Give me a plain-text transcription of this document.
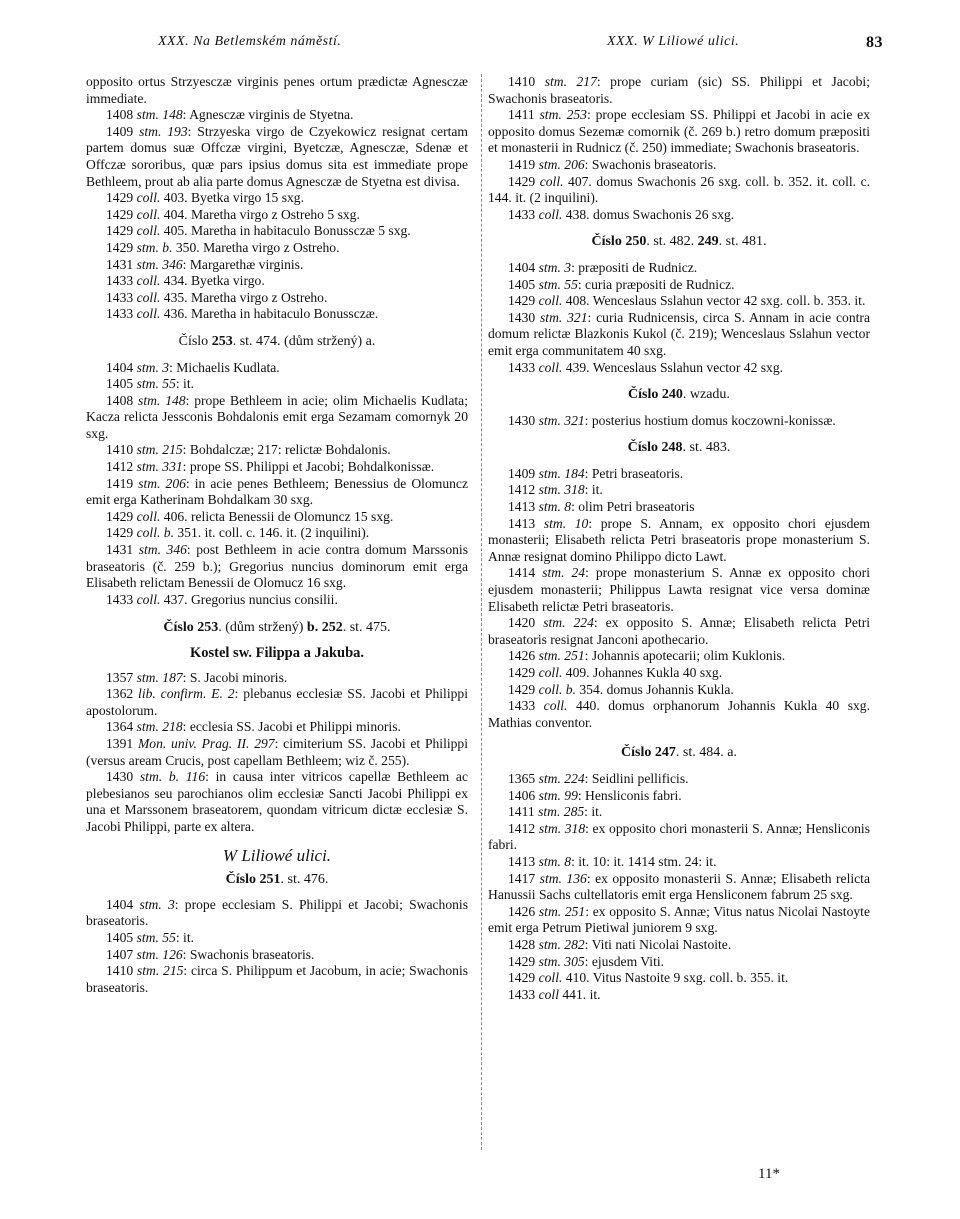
XXX. Na Betlemském náměstí.	XXX. W Liliowé ulici.	83

opposito ortus Strzyesczæ virginis penes ortum prædictæ Agnesczæ immediate.

1408 stm. 148: Agnesczæ virginis de Styetna.

1409 stm. 193: Strzyeska virgo de Czyekowicz resignat certam partem domus suæ Offczæ virgini, Byetczæ, Agnesczæ, Sdenæ et Offczæ sororibus, quæ pars ipsius domus sita est immediate prope Bethleem, prout ab alia parte domus Agnesczæ de Styetna est divisa.

1429 coll. 403. Byetka virgo 15 sxg.

1429 coll. 404. Maretha virgo z Ostreho 5 sxg.

1429 coll. 405. Maretha in habitaculo Bonussczæ 5 sxg.

1429 stm. b. 350. Maretha virgo z Ostreho.

1431 stm. 346: Margarethæ virginis.

1433 coll. 434. Byetka virgo.

1433 coll. 435. Maretha virgo z Ostreho.

1433 coll. 436. Maretha in habitaculo Bonussczæ.

Číslo 253. st. 474. (dům stržený) a.

1404 stm. 3: Michaelis Kudlata.

1405 stm. 55: it.

1408 stm. 148: prope Bethleem in acie; olim Michaelis Kudlata; Kacza relicta Jessconis Bohdalonis emit erga Sezamam comornyk 20 sxg.

1410 stm. 215: Bohdalczæ; 217: relictæ Bohdalonis.

1412 stm. 331: prope SS. Philippi et Jacobi; Bohdalkonissæ.

1419 stm. 206: in acie penes Bethleem; Benessius de Olomuncz emit erga Katherinam Bohdalkam 30 sxg.

1429 coll. 406. relicta Benessii de Olomuncz 15 sxg.

1429 coll. b. 351. it. coll. c. 146. it. (2 inquilini).

1431 stm. 346: post Bethleem in acie contra domum Marssonis braseatoris (č. 259 b.); Gregorius nuncius dominorum emit erga Elisabeth relictam Benessii de Olomucz 16 sxg.

1433 coll. 437. Gregorius nuncius consilii.

Číslo 253. (dům stržený) b. 252. st. 475.
Kostel sw. Filippa a Jakuba.

1357 stm. 187: S. Jacobi minoris.

1362 lib. confirm. E. 2: plebanus ecclesiæ SS. Jacobi et Philippi apostolorum.

1364 stm. 218: ecclesia SS. Jacobi et Philippi minoris.

1391 Mon. univ. Prag. II. 297: cimiterium SS. Jacobi et Philippi (versus aream Crucis, post capellam Bethleem; wiz č. 255).

1430 stm. b. 116: in causa inter vitricos capellæ Bethleem ac plebesianos seu parochianos olim ecclesiæ Sancti Jacobi Philippi ex una et Marssonem braseatorem, quondam vitricum dictæ ecclesiæ S. Jacobi Philippi, parte ex altera.

W Liliowé ulici.
Číslo 251. st. 476.

1404 stm. 3: prope ecclesiam S. Philippi et Jacobi; Swachonis braseatoris.

1405 stm. 55: it.

1407 stm. 126: Swachonis braseatoris.

1410 stm. 215: circa S. Philippum et Jacobum, in acie; Swachonis braseatoris.

1410 stm. 217: prope curiam (sic) SS. Philippi et Jacobi; Swachonis braseatoris.

1411 stm. 253: prope ecclesiam SS. Philippi et Jacobi in acie ex opposito domus Sezemæ comornik (č. 269 b.) retro domum præpositi et monasterii in Rudnicz (č. 250) immediate; Swachonis braseatoris.

1419 stm. 206: Swachonis braseatoris.

1429 coll. 407. domus Swachonis 26 sxg. coll. b. 352. it. coll. c. 144. it. (2 inquilini).

1433 coll. 438. domus Swachonis 26 sxg.

Číslo 250. st. 482. 249. st. 481.

1404 stm. 3: præpositi de Rudnicz.

1405 stm. 55: curia præpositi de Rudnicz.

1429 coll. 408. Wenceslaus Sslahun vector 42 sxg. coll. b. 353. it.

1430 stm. 321: curia Rudnicensis, circa S. Annam in acie contra domum relictæ Blazkonis Kukol (č. 219); Wenceslaus Sslahun vector emit erga communitatem 40 sxg.

1433 coll. 439. Wenceslaus Sslahun vector 42 sxg.

Číslo 240. wzadu.

1430 stm. 321: posterius hostium domus koczowni-konissæ.

Číslo 248. st. 483.

1409 stm. 184: Petri braseatoris.

1412 stm. 318: it.

1413 stm. 8: olim Petri braseatoris

1413 stm. 10: prope S. Annam, ex opposito chori ejusdem monasterii; Elisabeth relicta Petri braseatoris prope monasterium S. Annæ resignat domino Philippo dicto Lawt.

1414 stm. 24: prope monasterium S. Annæ ex opposito chori ejusdem monasterii; Philippus Lawta resignat vice versa dominæ Elisabeth relictæ Petri braseatoris.

1420 stm. 224: ex opposito S. Annæ; Elisabeth relicta Petri braseatoris resignat Janconi apothecario.

1426 stm. 251: Johannis apotecarii; olim Kuklonis.

1429 coll. 409. Johannes Kukla 40 sxg.

1429 coll. b. 354. domus Johannis Kukla.

1433 coll. 440. domus orphanorum Johannis Kukla 40 sxg. Mathias conventor.

Číslo 247. st. 484. a.

1365 stm. 224: Seidlini pellificis.

1406 stm. 99: Hensliconis fabri.

1411 stm. 285: it.

1412 stm. 318: ex opposito chori monasterii S. Annæ; Hensliconis fabri.

1413 stm. 8: it. 10: it. 1414 stm. 24: it.

1417 stm. 136: ex opposito monasterii S. Annæ; Elisabeth relicta Hanussii Sachs cultellatoris emit erga Hensliconem fabrum 25 sxg.

1426 stm. 251: ex opposito S. Annæ; Vitus natus Nicolai Nastoyte emit erga Petrum Pietiwal juniorem 9 sxg.

1428 stm. 282: Viti nati Nicolai Nastoite.

1429 stm. 305: ejusdem Viti.

1429 coll. 410. Vitus Nastoite 9 sxg. coll. b. 355. it.

1433 coll 441. it.

11*
